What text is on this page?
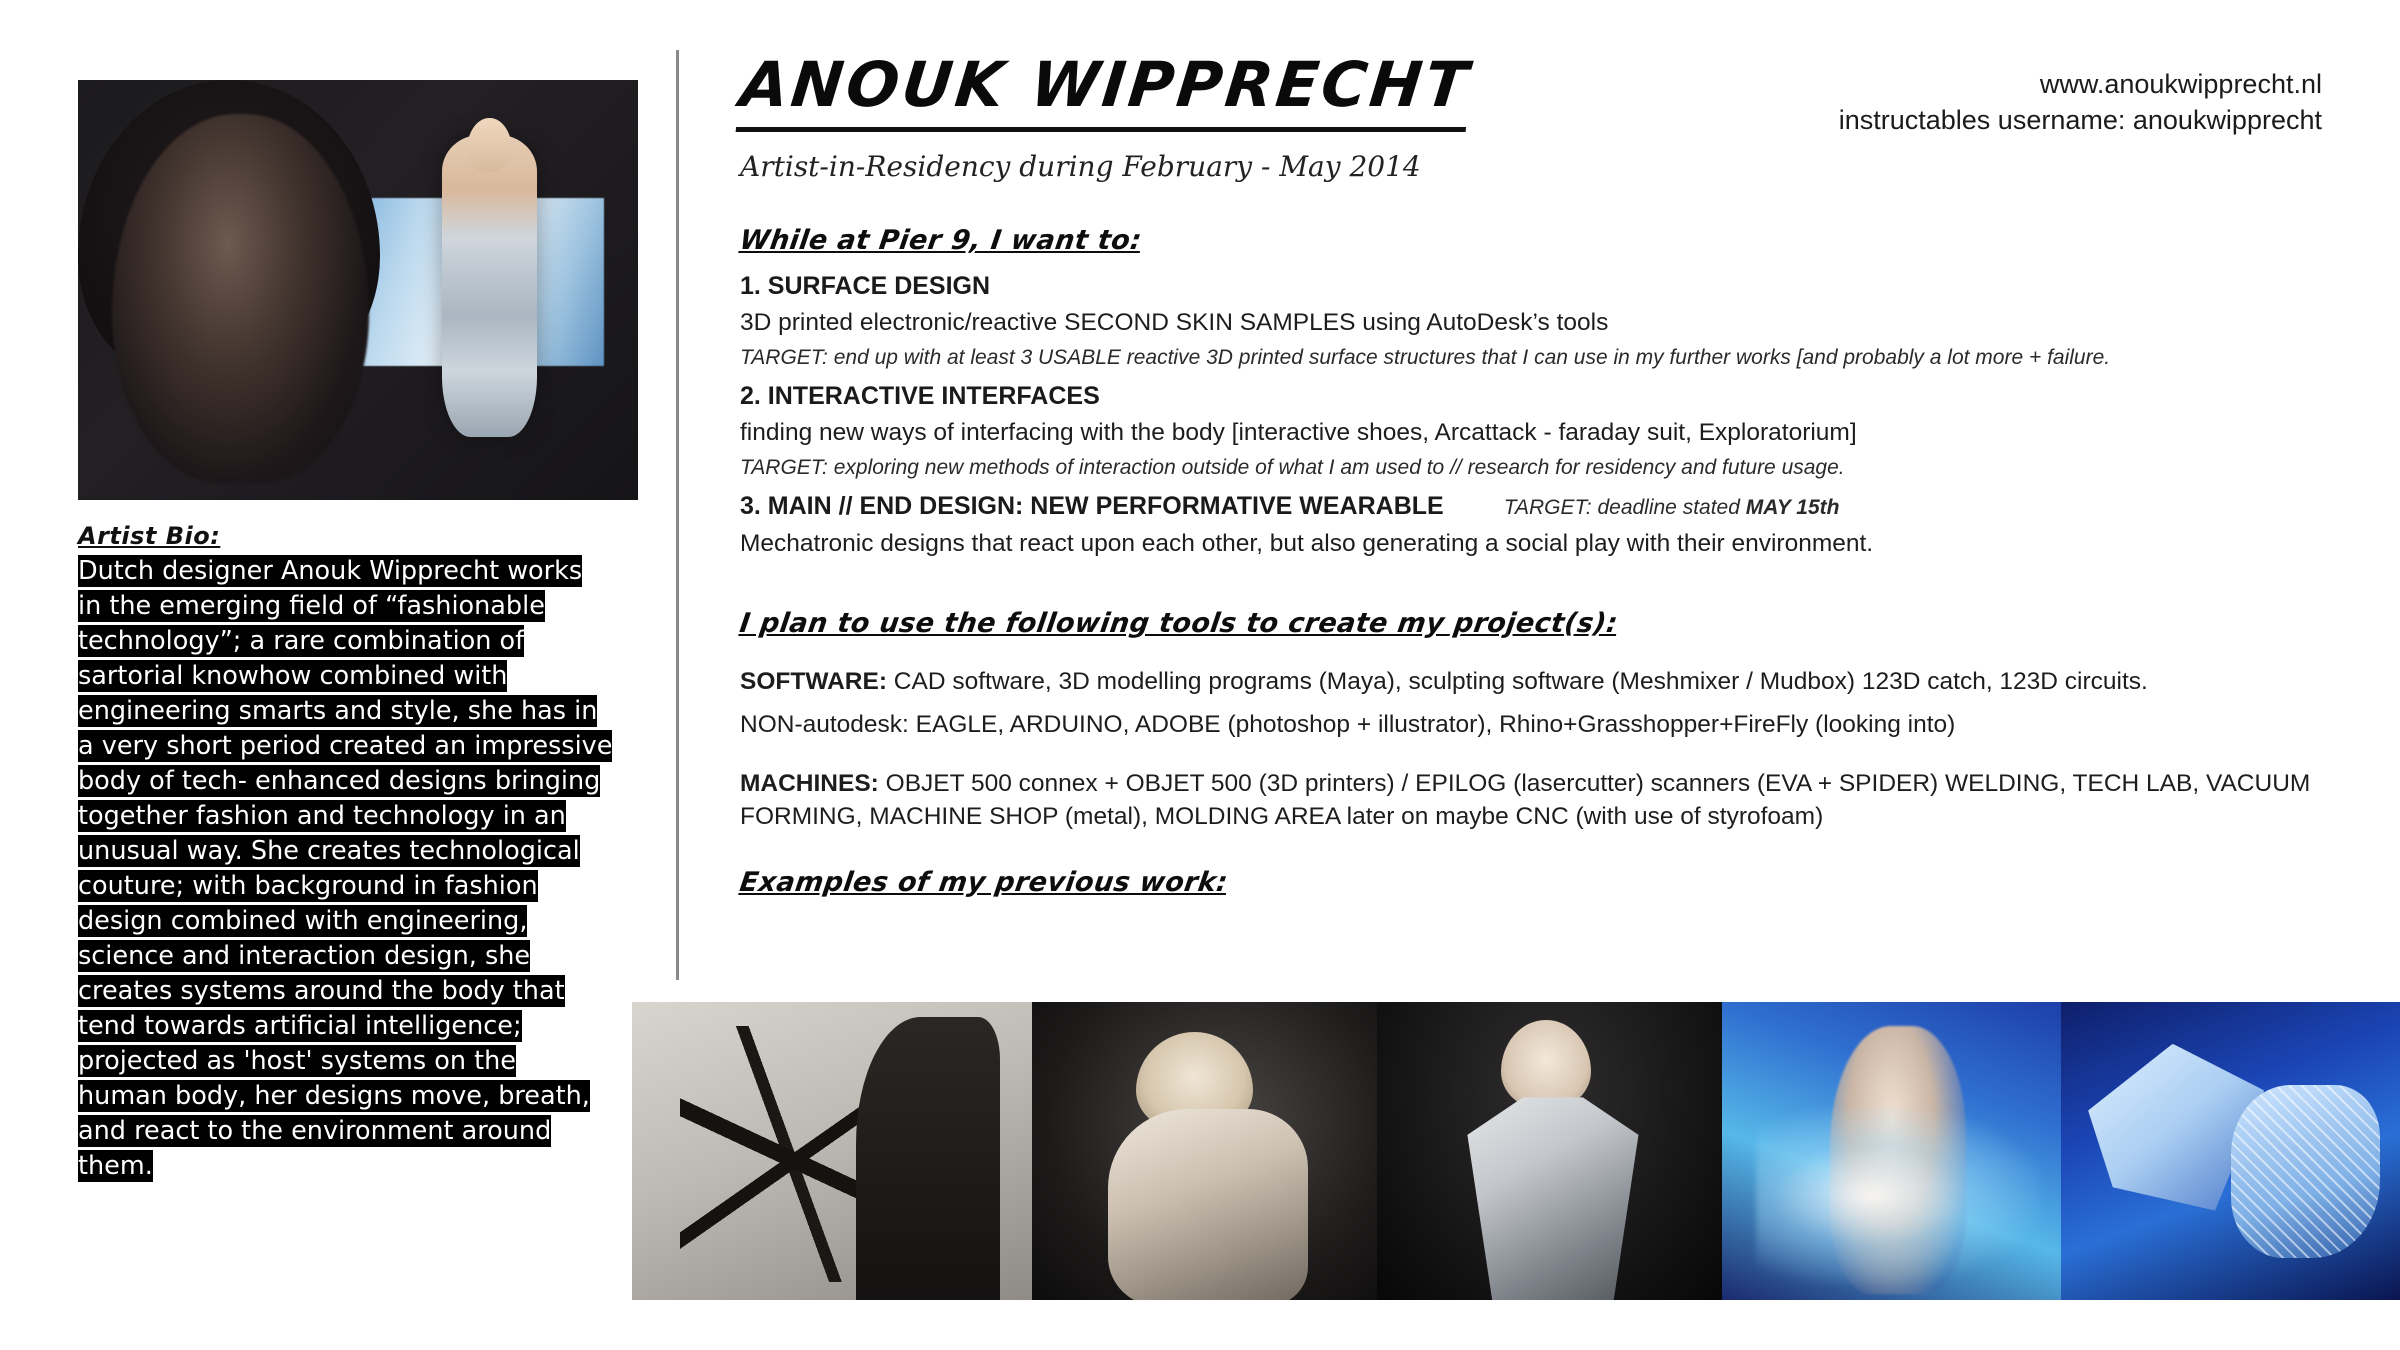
Artist Bio:
Dutch designer Anouk Wipprecht works in the emerging field of “fashionable technology”; a rare combination of sartorial knowhow combined with engineering smarts and style, she has in a very short period created an impressive body of tech- enhanced designs bringing together fashion and technology in an unusual way. She creates technological couture; with background in fashion design combined with engineering, science and interaction design, she creates systems around the body that tend towards artificial intelligence; projected as 'host' systems on the human body, her designs move, breath, and react to the environment around them.
www.anoukwipprecht.nl
instructables username: anoukwipprecht
ANOUK WIPPRECHT
Artist-in-Residency during February - May 2014
While at Pier 9, I want to:
1. SURFACE DESIGN
3D printed electronic/reactive SECOND SKIN SAMPLES using AutoDesk’s tools
TARGET: end up with at least 3 USABLE reactive 3D printed surface structures that I can use in my further works [and probably a lot more + failure.
2. INTERACTIVE INTERFACES
finding new ways of interfacing with the body [interactive shoes, Arcattack - faraday suit, Exploratorium]
TARGET: exploring new methods of interaction outside of what I am used to // research for residency and future usage.
3. MAIN // END DESIGN: NEW PERFORMATIVE WEARABLE	TARGET: deadline stated MAY 15th
Mechatronic designs that react upon each other, but also generating a social play with their environment.
I plan to use the following tools to create my project(s):
SOFTWARE: CAD software, 3D modelling programs (Maya), sculpting software (Meshmixer / Mudbox) 123D catch, 123D circuits.
NON-autodesk: EAGLE, ARDUINO, ADOBE (photoshop + illustrator), Rhino+Grasshopper+FireFly (looking into)
MACHINES: OBJET 500 connex + OBJET 500 (3D printers) / EPILOG (lasercutter) scanners (EVA + SPIDER) WELDING, TECH LAB, VACUUM FORMING, MACHINE SHOP (metal), MOLDING AREA later on maybe CNC (with use of styrofoam)
Examples of my previous work:
